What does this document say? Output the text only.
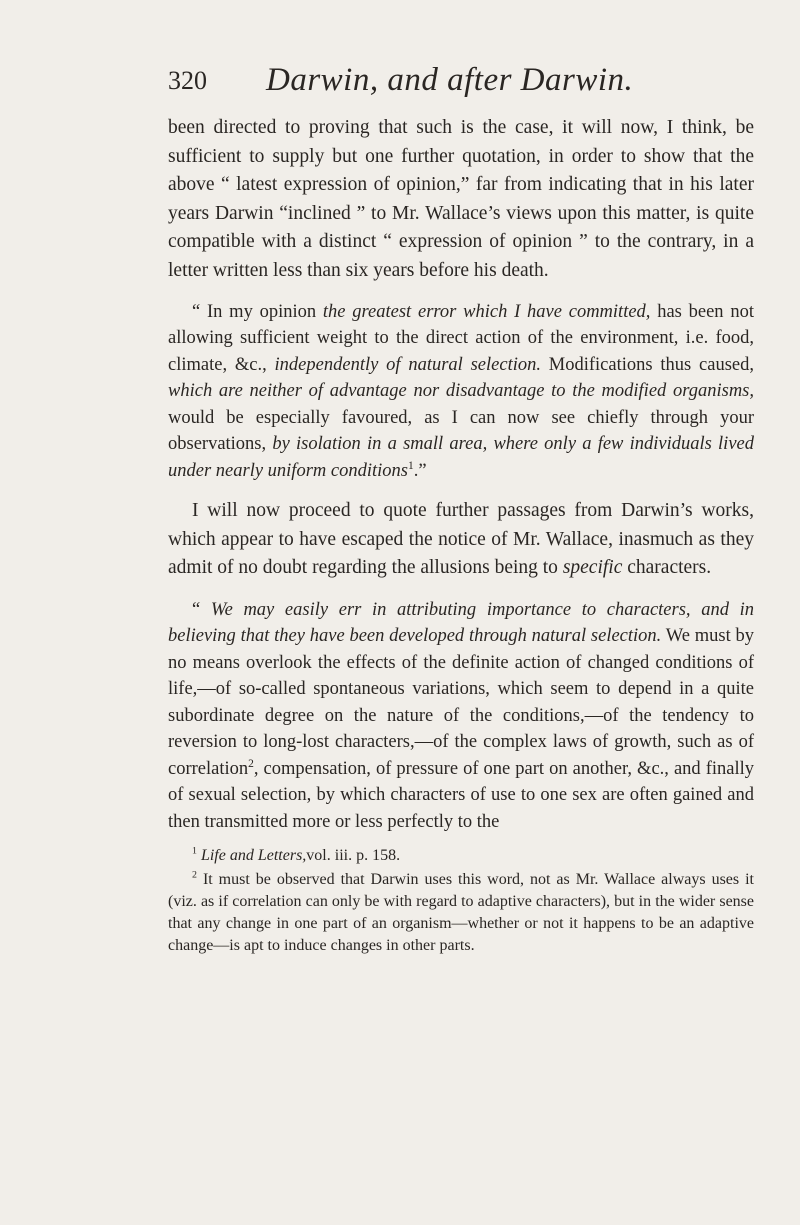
320 Darwin, and after Darwin.

been directed to proving that such is the case, it will now, I think, be sufficient to supply but one further quotation, in order to show that the above “ latest expression of opinion,” far from indicating that in his later years Darwin “inclined ” to Mr. Wallace’s views upon this matter, is quite compatible with a distinct “ expression of opinion ” to the contrary, in a letter written less than six years before his death.

“ In my opinion the greatest error which I have committed, has been not allowing sufficient weight to the direct action of the environment, i.e. food, climate, &c., independently of natural selection. Modifications thus caused, which are neither of advantage nor disadvantage to the modified organisms, would be especially favoured, as I can now see chiefly through your observations, by isolation in a small area, where only a few individuals lived under nearly uniform conditions$^1$.”

I will now proceed to quote further passages from Darwin’s works, which appear to have escaped the notice of Mr. Wallace, inasmuch as they admit of no doubt regarding the allusions being to specific characters.

“ We may easily err in attributing importance to characters, and in believing that they have been developed through natural selection. We must by no means overlook the effects of the definite action of changed conditions of life,—of so-called spontaneous variations, which seem to depend in a quite subordinate degree on the nature of the conditions,—of the tendency to reversion to long-lost characters,—of the complex laws of growth, such as of correlation$^2$, compensation, of pressure of one part on another, &c., and finally of sexual selection, by which characters of use to one sex are often gained and then transmitted more or less perfectly to the

$^1$ Life and Letters,vol. iii. p. 158.

$^2$ It must be observed that Darwin uses this word, not as Mr. Wallace always uses it (viz. as if correlation can only be with regard to adaptive characters), but in the wider sense that any change in one part of an organism—whether or not it happens to be an adaptive change—is apt to induce changes in other parts.
